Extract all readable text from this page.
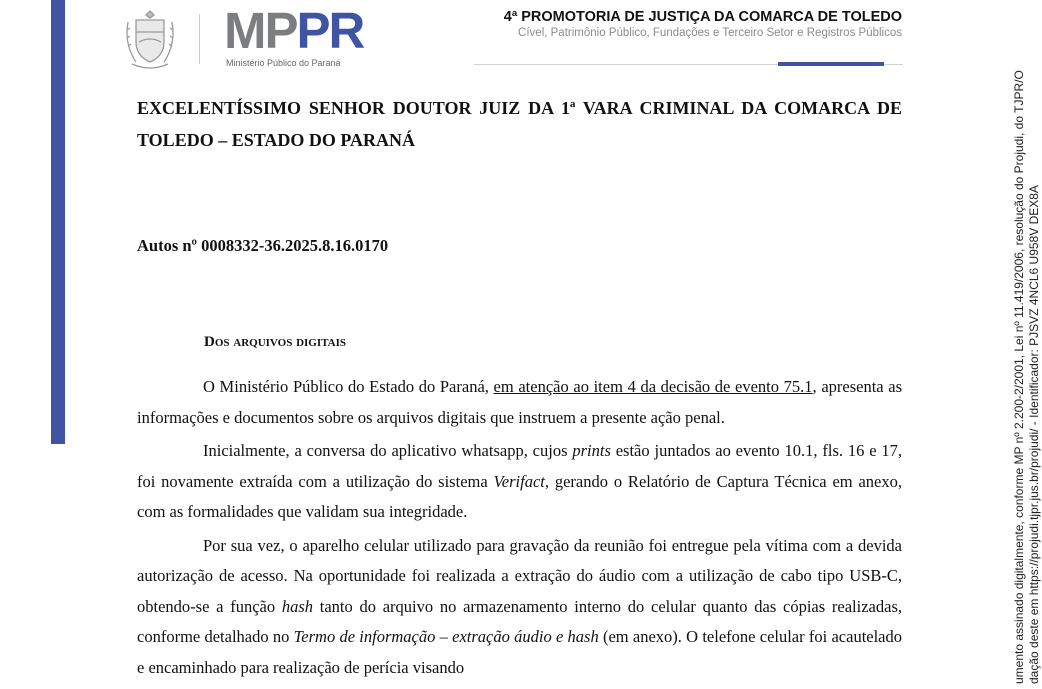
MPPR
Ministério Público do Paraná
4ª PROMOTORIA DE JUSTIÇA DA COMARCA DE TOLEDO
Cível, Patrimônio Público, Fundações e Terceiro Setor e Registros Públicos
EXCELENTÍSSIMO SENHOR DOUTOR JUIZ DA 1ª VARA CRIMINAL DA COMARCA DE TOLEDO – ESTADO DO PARANÁ
Autos nº 0008332-36.2025.8.16.0170
Dos arquivos digitais

O Ministério Público do Estado do Paraná, em atenção ao item 4 da decisão de evento 75.1, apresenta as informações e documentos sobre os arquivos digitais que instruem a presente ação penal.

Inicialmente, a conversa do aplicativo whatsapp, cujos prints estão juntados ao evento 10.1, fls. 16 e 17, foi novamente extraída com a utilização do sistema Verifact, gerando o Relatório de Captura Técnica em anexo, com as formalidades que validam sua integridade.

Por sua vez, o aparelho celular utilizado para gravação da reunião foi entregue pela vítima com a devida autorização de acesso. Na oportunidade foi realizada a extração do áudio com a utilização de cabo tipo USB-C, obtendo-se a função hash tanto do arquivo no armazenamento interno do celular quanto das cópias realizadas, conforme detalhado no Termo de informação – extração áudio e hash (em anexo). O telefone celular foi acautelado e encaminhado para realização de perícia visando	umento assinado digitalmente, conforme MP nº 2.200-2/2001, Lei nº 11.419/2006, resolução do Projudi, do TJPR/O dação deste em https://projudi.tjpr.jus.br/projudi/ - Identificador: PJSVZ 4NCL6 U958V DEX8A
